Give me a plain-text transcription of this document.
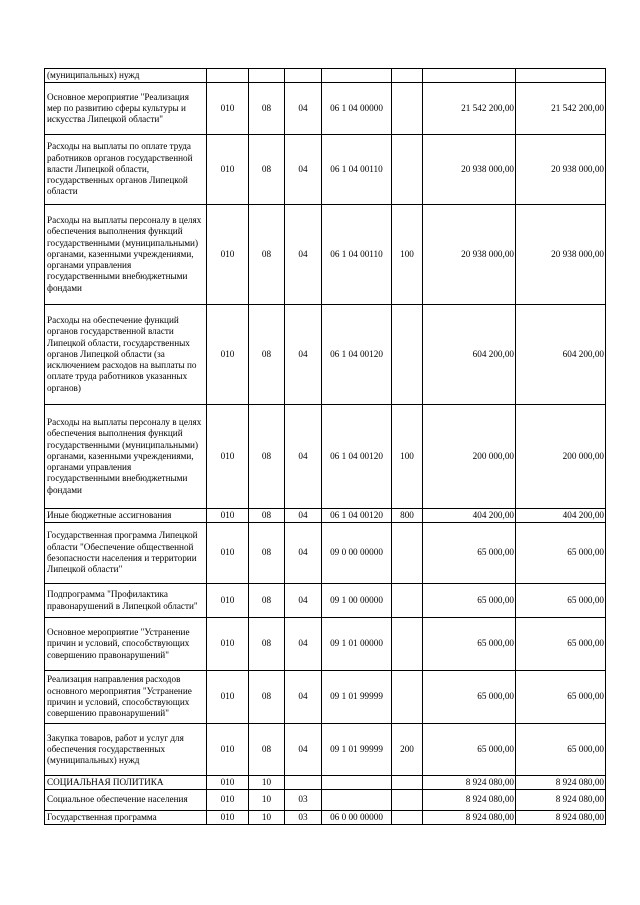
(муниципальных) нужд							
Основное мероприятие "Реализация мер по развитию сферы культуры и искусства Липецкой области"	010	08	04	06 1 04 00000		21 542 200,00	21 542 200,00
Расходы на выплаты по оплате труда работников органов государственной власти Липецкой области, государственных органов Липецкой области	010	08	04	06 1 04 00110		20 938 000,00	20 938 000,00
Расходы на выплаты персоналу в целях обеспечения выполнения функций государственными (муниципальными) органами, казенными учреждениями, органами управления государственными внебюджетными фондами	010	08	04	06 1 04 00110	100	20 938 000,00	20 938 000,00
Расходы на обеспечение функций органов государственной власти Липецкой области, государственных органов Липецкой области (за исключением расходов на выплаты по оплате труда работников указанных органов)	010	08	04	06 1 04 00120		604 200,00	604 200,00
Расходы на выплаты персоналу в целях обеспечения выполнения функций государственными (муниципальными) органами, казенными учреждениями, органами управления государственными внебюджетными фондами	010	08	04	06 1 04 00120	100	200 000,00	200 000,00
Иные бюджетные ассигнования	010	08	04	06 1 04 00120	800	404 200,00	404 200,00
Государственная программа Липецкой области "Обеспечение общественной безопасности населения и территории Липецкой области"	010	08	04	09 0 00 00000		65 000,00	65 000,00
Подпрограмма "Профилактика правонарушений в Липецкой области"	010	08	04	09 1 00 00000		65 000,00	65 000,00
Основное мероприятие "Устранение причин и условий, способствующих совершению правонарушений"	010	08	04	09 1 01 00000		65 000,00	65 000,00
Реализация направления расходов основного мероприятия "Устранение причин и условий, способствующих совершению правонарушений"	010	08	04	09 1 01 99999		65 000,00	65 000,00
Закупка товаров, работ и услуг для обеспечения государственных (муниципальных) нужд	010	08	04	09 1 01 99999	200	65 000,00	65 000,00
СОЦИАЛЬНАЯ ПОЛИТИКА	010	10				8 924 080,00	8 924 080,00
Социальное обеспечение населения	010	10	03			8 924 080,00	8 924 080,00
Государственная программа	010	10	03	06 0 00 00000		8 924 080,00	8 924 080,00
